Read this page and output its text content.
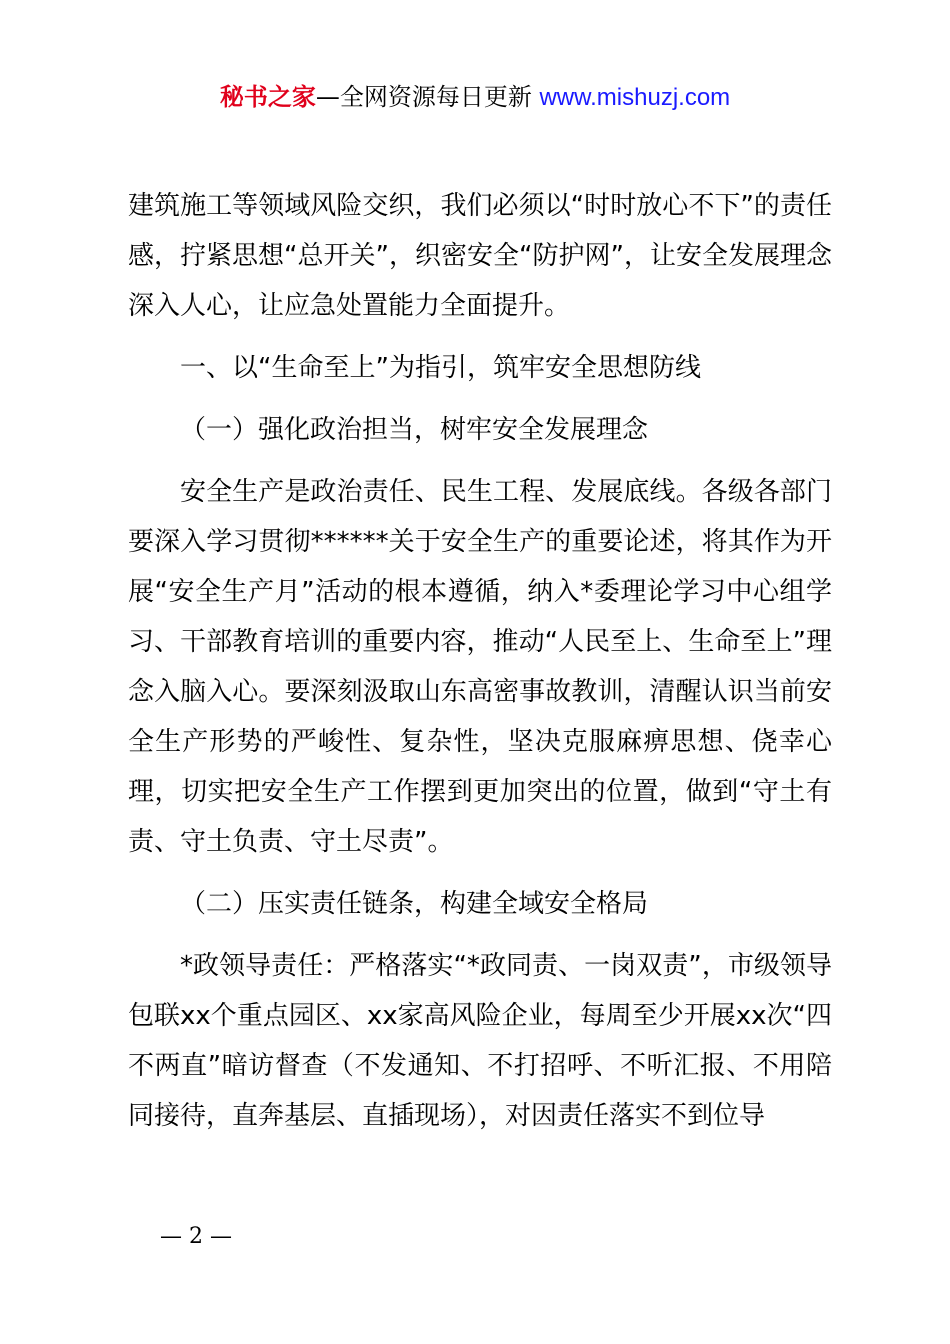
秘书之家—全网资源每日更新 www.mishuzj.com

建筑施工等领域风险交织，我们必须以“时时放心不下”的责任感，拧紧思想“总开关”，织密安全“防护网”，让安全发展理念深入人心，让应急处置能力全面提升。

一、以“生命至上”为指引，筑牢安全思想防线

（一）强化政治担当，树牢安全发展理念

安全生产是政治责任、民生工程、发展底线。各级各部门要深入学习贯彻******关于安全生产的重要论述，将其作为开展“安全生产月”活动的根本遵循，纳入*委理论学习中心组学习、干部教育培训的重要内容，推动“人民至上、生命至上”理念入脑入心。要深刻汲取山东高密事故教训，清醒认识当前安全生产形势的严峻性、复杂性，坚决克服麻痹思想、侥幸心理，切实把安全生产工作摆到更加突出的位置，做到“守土有责、守土负责、守土尽责”。

（二）压实责任链条，构建全域安全格局

*政领导责任：严格落实“*政同责、一岗双责”，市级领导包联xx个重点园区、xx家高风险企业，每周至少开展xx次“四不两直”暗访督查（不发通知、不打招呼、不听汇报、不用陪同接待，直奔基层、直插现场），对因责任落实不到位导

— 2 —
